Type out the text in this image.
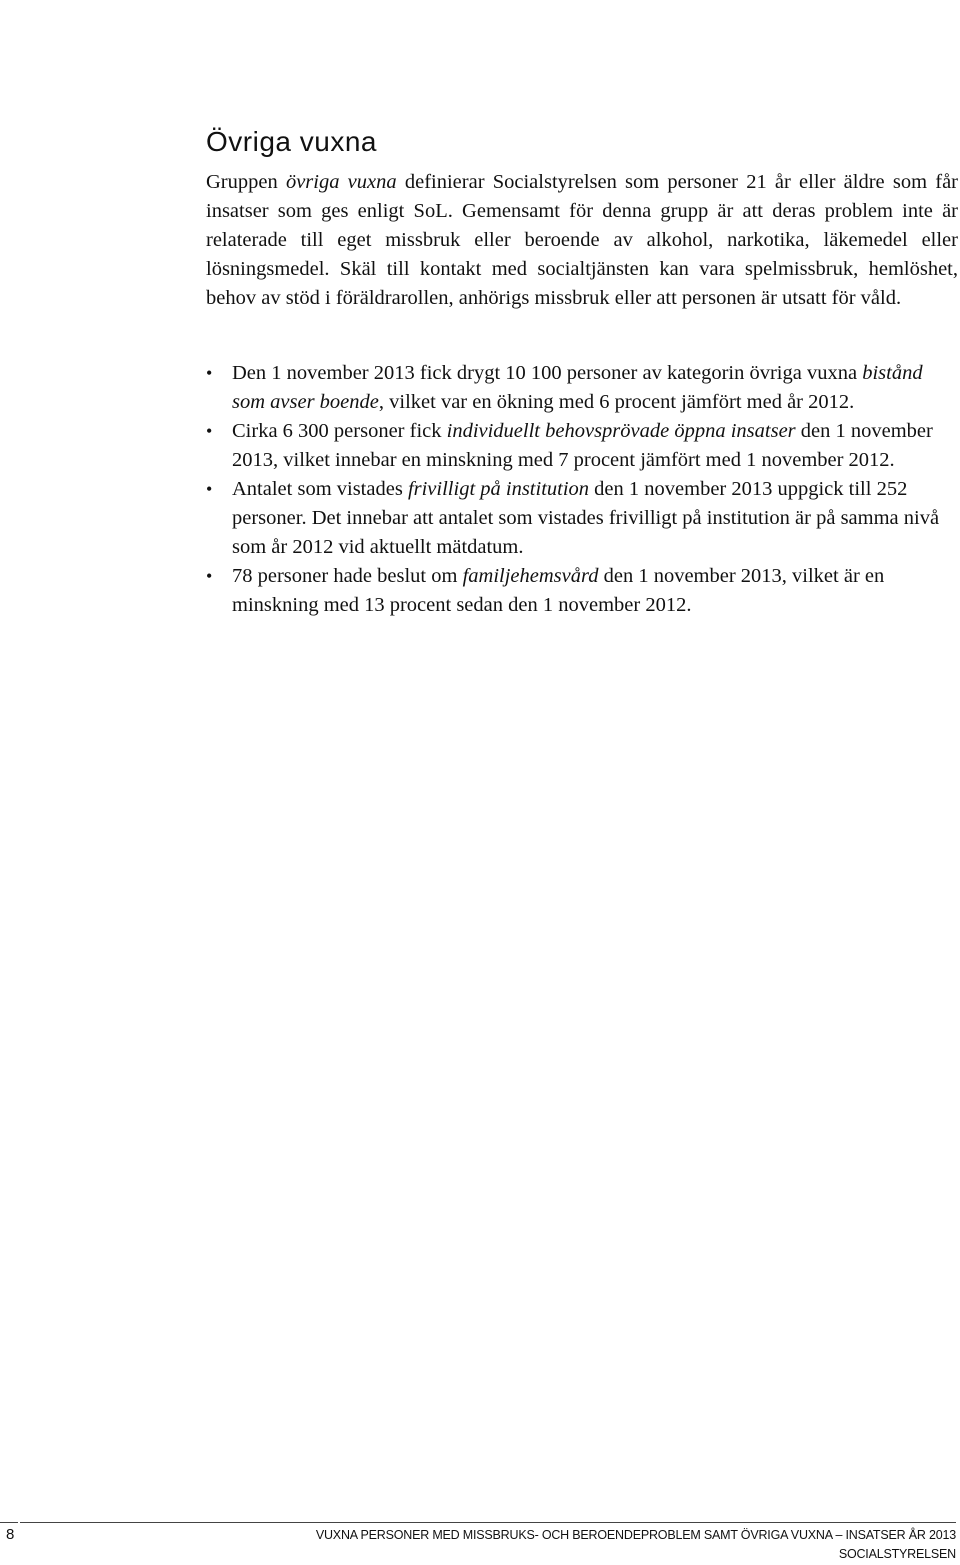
Övriga vuxna

Gruppen övriga vuxna definierar Socialstyrelsen som personer 21 år eller äldre som får insatser som ges enligt SoL. Gemensamt för denna grupp är att deras problem inte är relaterade till eget missbruk eller beroende av alkohol, narkotika, läkemedel eller lösningsmedel. Skäl till kontakt med socialtjänsten kan vara spelmissbruk, hemlöshet, behov av stöd i föräldrarollen, anhörigs missbruk eller att personen är utsatt för våld.

• Den 1 november 2013 fick drygt 10 100 personer av kategorin övriga vuxna bistånd som avser boende, vilket var en ökning med 6 procent jämfört med år 2012.
• Cirka 6 300 personer fick individuellt behovsprövade öppna insatser den 1 november 2013, vilket innebar en minskning med 7 procent jämfört med 1 november 2012.
• Antalet som vistades frivilligt på institution den 1 november 2013 uppgick till 252 personer. Det innebar att antalet som vistades frivilligt på institution är på samma nivå som år 2012 vid aktuellt mätdatum.
• 78 personer hade beslut om familjehemsvård den 1 november 2013, vilket är en minskning med 13 procent sedan den 1 november 2012.
8	VUXNA PERSONER MED MISSBRUKS- OCH BEROENDEPROBLEM SAMT ÖVRIGA VUXNA – INSATSER ÅR 2013
SOCIALSTYRELSEN
